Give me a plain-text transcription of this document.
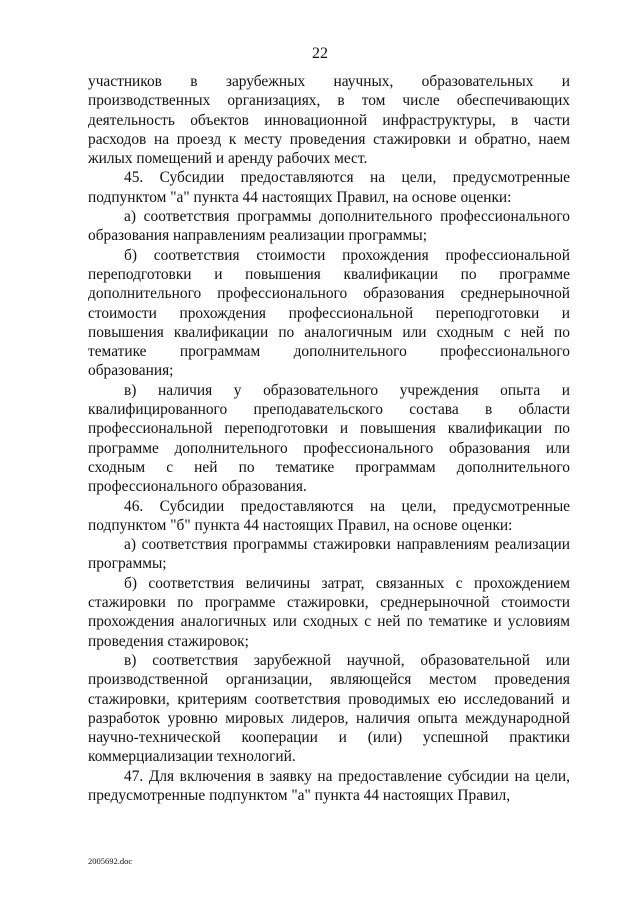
22

участников в зарубежных научных, образовательных и производственных организациях, в том числе обеспечивающих деятельность объектов инновационной инфраструктуры, в части расходов на проезд к месту проведения стажировки и обратно, наем жилых помещений и аренду рабочих мест.

45. Субсидии предоставляются на цели, предусмотренные подпунктом "а" пункта 44 настоящих Правил, на основе оценки:

а) соответствия программы дополнительного профессионального образования направлениям реализации программы;

б) соответствия стоимости прохождения профессиональной переподготовки и повышения квалификации по программе дополнительного профессионального образования среднерыночной стоимости прохождения профессиональной переподготовки и повышения квалификации по аналогичным или сходным с ней по тематике программам дополнительного профессионального образования;

в) наличия у образовательного учреждения опыта и квалифицированного преподавательского состава в области профессиональной переподготовки и повышения квалификации по программе дополнительного профессионального образования или сходным с ней по тематике программам дополнительного профессионального образования.

46. Субсидии предоставляются на цели, предусмотренные подпунктом "б" пункта 44 настоящих Правил, на основе оценки:

а) соответствия программы стажировки направлениям реализации программы;

б) соответствия величины затрат, связанных с прохождением стажировки по программе стажировки, среднерыночной стоимости прохождения аналогичных или сходных с ней по тематике и условиям проведения стажировок;

в) соответствия зарубежной научной, образовательной или производственной организации, являющейся местом проведения стажировки, критериям соответствия проводимых ею исследований и разработок уровню мировых лидеров, наличия опыта международной научно-технической кооперации и (или) успешной практики коммерциализации технологий.

47. Для включения в заявку на предоставление субсидии на цели, предусмотренные подпунктом "а" пункта 44 настоящих Правил,

2005692.doc
